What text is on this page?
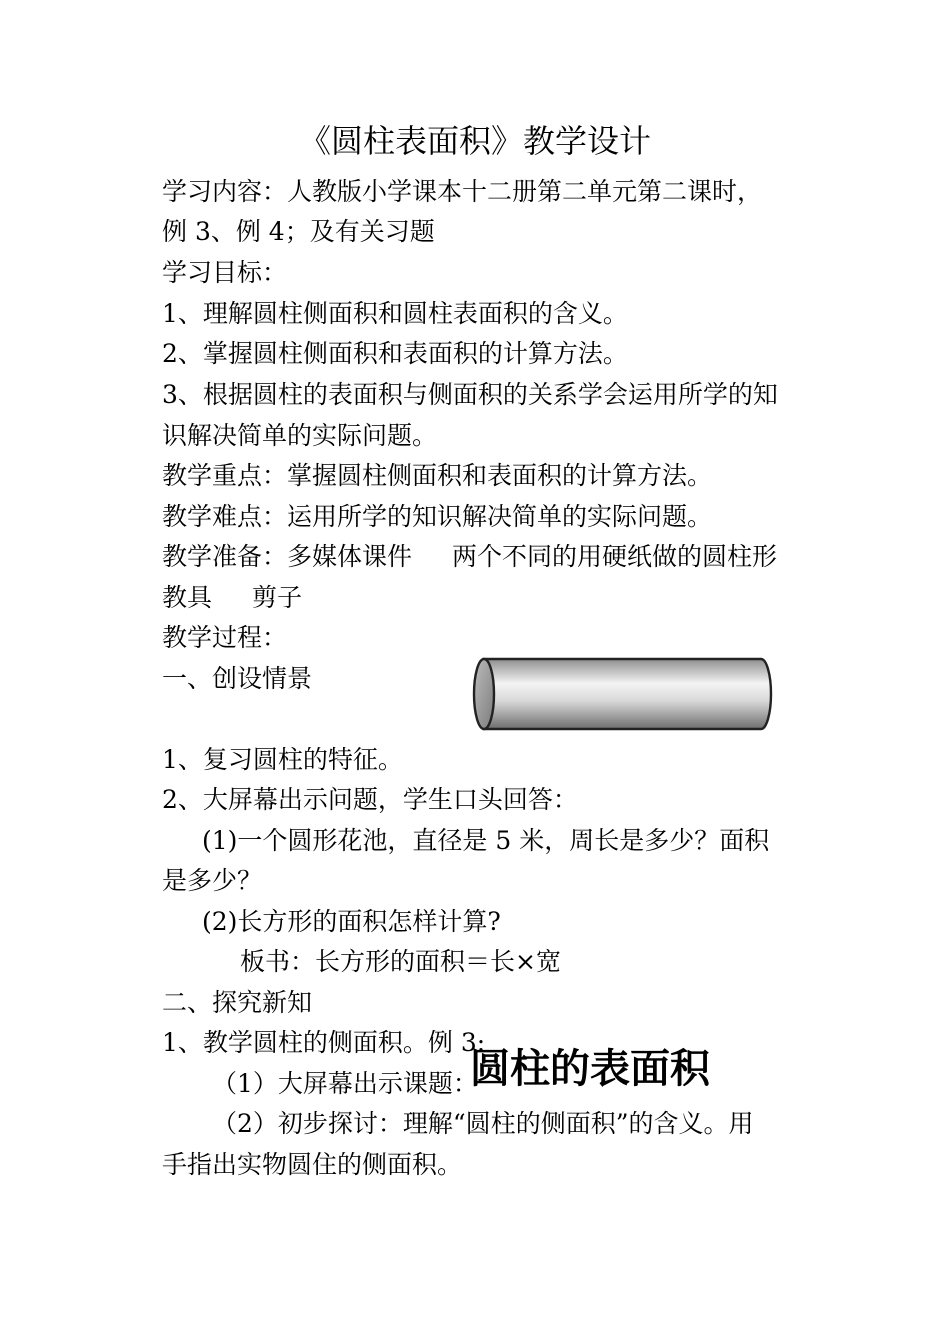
《圆柱表面积》教学设计
学习内容：人教版小学课本十二册第二单元第二课时，
例 3、例 4；及有关习题
学习目标：
1、理解圆柱侧面积和圆柱表面积的含义。
2、掌握圆柱侧面积和表面积的计算方法。
3、根据圆柱的表面积与侧面积的关系学会运用所学的知
识解决简单的实际问题。
教学重点：掌握圆柱侧面积和表面积的计算方法。
教学难点：运用所学的知识解决简单的实际问题。
教学准备：多媒体课件 两个不同的用硬纸做的圆柱形
教具 剪子
教学过程：
一、创设情景
1、复习圆柱的特征。
2、大屏幕出示问题，学生口头回答：
(1)一个圆形花池，直径是 5 米，周长是多少？面积
是多少？
(2)长方形的面积怎样计算?
板书：长方形的面积＝长×宽
二、探究新知
1、教学圆柱的侧面积。例 3:
（1）大屏幕出示课题：
圆柱的表面积
（2）初步探讨：理解“圆柱的侧面积”的含义。用
手指出实物圆住的侧面积。
